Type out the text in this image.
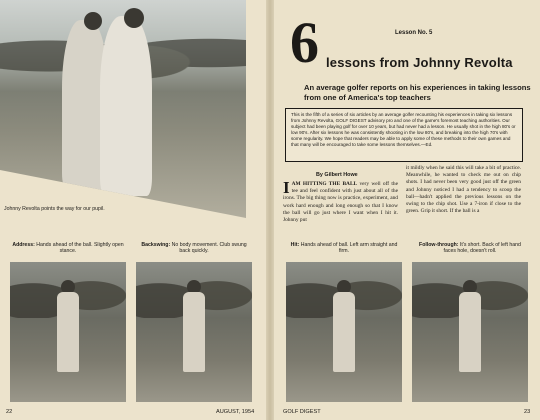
Johnny Revolta points the way for our pupil.
6	Lesson No. 5
lessons from Johnny Revolta
An average golfer reports on his experiences in taking lessons from one of America's top teachers
This is the fifth of a series of six articles by an average golfer recounting his experiences in taking six lessons from Johnny Revolta, GOLF DIGEST advisory pro and one of the game's foremost teaching authorities. Our subject had been playing golf for over 10 years, but had never had a lesson. He usually shot in the high 80's or low 90's. After six lessons he was consistently shooting in the low 80's, and breaking into the high 70's with some regularity. We hope that readers may be able to apply some of these methods to their own games and that many will be encouraged to take some lessons themselves.—Ed.
By Gilbert Howe
IAM HITTING THE BALL very well off the tee and feel confident with just about all of the irons. The big thing now is practice, experiment, and work hard enough and long enough so that I know the ball will go just where I want when I hit it. Johnny put
it mildly when he said this will take a bit of practice. Meanwhile, he wanted to check me out on chip shots. I had never been very good just off the green and Johnny noticed I had a tendency to scoop the ball—hadn't applied the previous lessons on the swing to the chip shot. Use a 7-iron if close to the green. Grip it short. If the ball is a
Address: Hands ahead of the ball. Slightly open stance.
Backswing: No body movement. Club swung back quickly.
Hit: Hands ahead of ball. Left arm straight and firm.
Follow-through: It's short. Back of left hand faces hole, doesn't roll.
22	AUGUST, 1954	GOLF DIGEST	23
